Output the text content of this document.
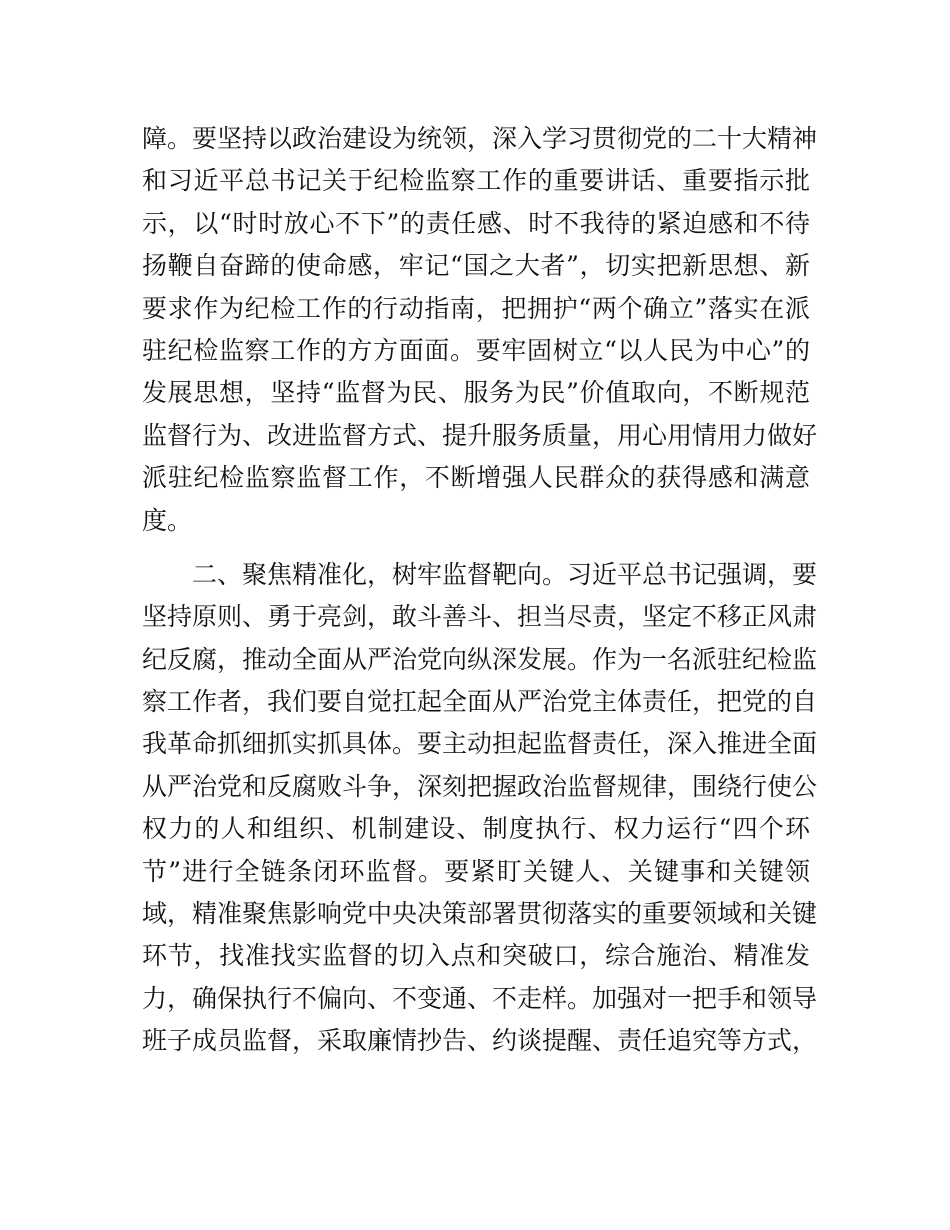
障。要坚持以政治建设为统领，深入学习贯彻党的二十大精神
和习近平总书记关于纪检监察工作的重要讲话、重要指示批
示，以“时时放心不下”的责任感、时不我待的紧迫感和不待
扬鞭自奋蹄的使命感，牢记“国之大者”，切实把新思想、新
要求作为纪检工作的行动指南，把拥护“两个确立”落实在派
驻纪检监察工作的方方面面。要牢固树立“以人民为中心”的
发展思想，坚持“监督为民、服务为民”价值取向，不断规范
监督行为、改进监督方式、提升服务质量，用心用情用力做好
派驻纪检监察监督工作，不断增强人民群众的获得感和满意
度。
　　二、聚焦精准化，树牢监督靶向。习近平总书记强调，要
坚持原则、勇于亮剑，敢斗善斗、担当尽责，坚定不移正风肃
纪反腐，推动全面从严治党向纵深发展。作为一名派驻纪检监
察工作者，我们要自觉扛起全面从严治党主体责任，把党的自
我革命抓细抓实抓具体。要主动担起监督责任，深入推进全面
从严治党和反腐败斗争，深刻把握政治监督规律，围绕行使公
权力的人和组织、机制建设、制度执行、权力运行“四个环
节”进行全链条闭环监督。要紧盯关键人、关键事和关键领
域，精准聚焦影响党中央决策部署贯彻落实的重要领域和关键
环节，找准找实监督的切入点和突破口，综合施治、精准发
力，确保执行不偏向、不变通、不走样。加强对一把手和领导
班子成员监督，采取廉情抄告、约谈提醒、责任追究等方式，
